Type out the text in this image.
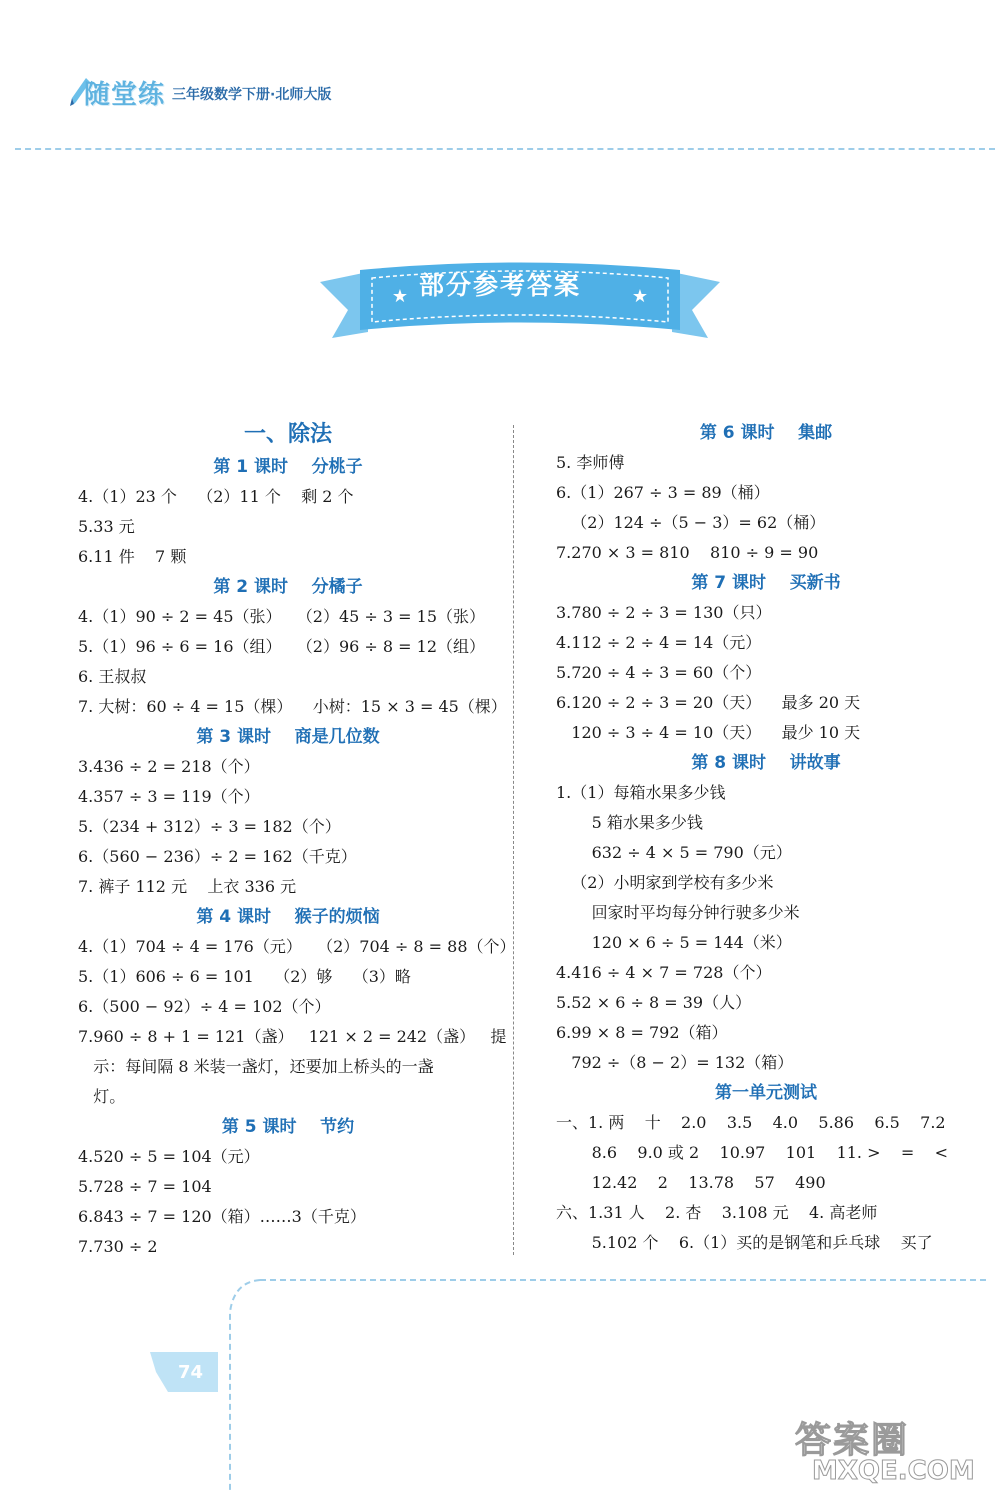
随堂练 三年级数学下册·北师大版
★	★
部分参考答案
一、除法
第 1 课时    分桃子
4.（1）23 个    （2）11 个    剩 2 个
5.33 元
6.11 件    7 颗
第 2 课时    分橘子
4.（1）90 ÷ 2 = 45（张）   （2）45 ÷ 3 = 15（张）
5.（1）96 ÷ 6 = 16（组）   （2）96 ÷ 8 = 12（组）
6. 王叔叔
7. 大树：60 ÷ 4 = 15（棵）    小树：15 × 3 = 45（棵）
第 3 课时    商是几位数
3.436 ÷ 2 = 218（个）
4.357 ÷ 3 = 119（个）
5.（234 + 312）÷ 3 = 182（个）
6.（560 − 236）÷ 2 = 162（千克）
7. 裤子 112 元    上衣 336 元
第 4 课时    猴子的烦恼
4.（1）704 ÷ 4 = 176（元）   （2）704 ÷ 8 = 88（个）
5.（1）606 ÷ 6 = 101    （2）够    （3）略
6.（500 − 92）÷ 4 = 102（个）
7.960 ÷ 8 + 1 = 121（盏）   121 × 2 = 242（盏）   提
示：每间隔 8 米装一盏灯，还要加上桥头的一盏
灯。
第 5 课时    节约
4.520 ÷ 5 = 104（元）
5.728 ÷ 7 = 104
6.843 ÷ 7 = 120（箱）……3（千克）
7.730 ÷ 2
第 6 课时    集邮
5. 李师傅
6.（1）267 ÷ 3 = 89（桶）
（2）124 ÷（5 − 3）= 62（桶）
7.270 × 3 = 810    810 ÷ 9 = 90
第 7 课时    买新书
3.780 ÷ 2 ÷ 3 = 130（只）
4.112 ÷ 2 ÷ 4 = 14（元）
5.720 ÷ 4 ÷ 3 = 60（个）
6.120 ÷ 2 ÷ 3 = 20（天）    最多 20 天
120 ÷ 3 ÷ 4 = 10（天）    最少 10 天
第 8 课时    讲故事
1.（1）每箱水果多少钱
5 箱水果多少钱
632 ÷ 4 × 5 = 790（元）
（2）小明家到学校有多少米
回家时平均每分钟行驶多少米
120 × 6 ÷ 5 = 144（米）
4.416 ÷ 4 × 7 = 728（个）
5.52 × 6 ÷ 8 = 39（人）
6.99 × 8 = 792（箱）
792 ÷（8 − 2）= 132（箱）
第一单元测试
一、1. 两    十    2.0    3.5    4.0    5.86    6.5    7.2
8.6    9.0 或 2    10.97    101    11. >    =    <
12.42    2    13.78    57    490
六、1.31 人    2. 杏    3.108 元    4. 高老师
5.102 个    6.（1）买的是钢笔和乒乓球    买了
74
答案圈
MXQE.COM
